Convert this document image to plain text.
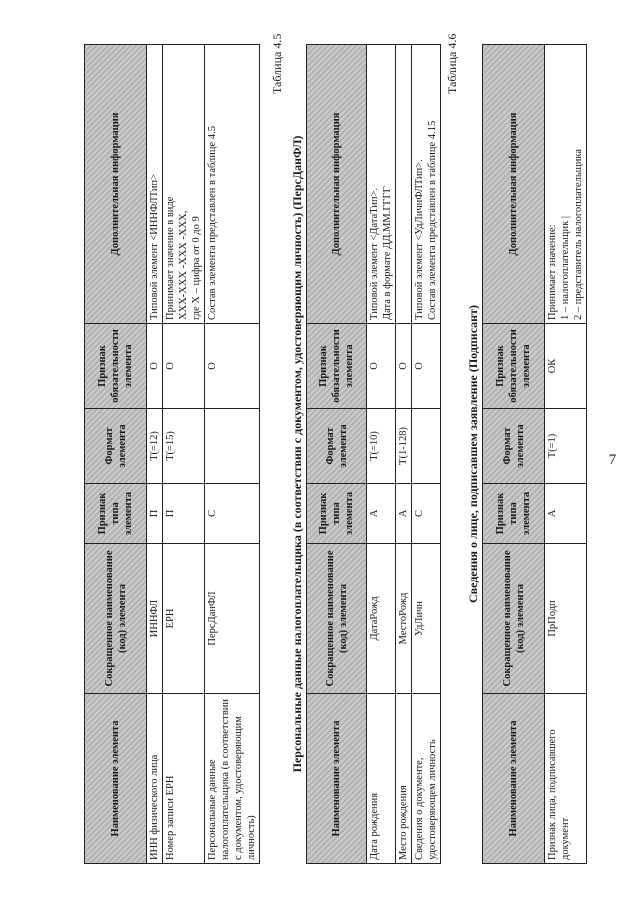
7
Наименование элемента	Сокращенное наименование (код) элемента	Признак типа элемента	Формат элемента	Признак обязательности элемента	Дополнительная информация
ИНН физического лица	ИННФЛ	П	T(=12)	О	Типовой элемент <ИННФЛТип>

Номер записи ЕРН	ЕРН	П	T(=15)	О	Принимает значение в виде XXX-XXX -XXX -XXX, где Х – цифра от 0 до 9

Персональные данные налогоплательщика (в соответствии с документом, удостоверяющим личность)	ПерсДанФЛ	С		О	Состав элемента представлен в таблице 4.5
Таблица 4.5
Персональные данные налогоплательщика (в соответствии с документом, удостоверяющим личность) (ПерсДанФЛ)
Наименование элемента	Сокращенное наименование (код) элемента	Признак типа элемента	Формат элемента	Признак обязательности элемента	Дополнительная информация
Дата рождения	ДатаРожд	А	T(=10)	О	Типовой элемент <ДатаТип>. Дата в формате ДД.ММ.ГГГГ

Место рождения	МестоРожд	А	T(1-128)	О	

Сведения о документе, удостоверяющем личность	УдЛичн	С		О	Типовой элемент <УдЛичнФЛТип>. Состав элемента представлен в таблице 4.15
Таблица 4.6
Сведения о лице, подписавшем заявление (Подписант)
Наименование элемента	Сокращенное наименование (код) элемента	Признак типа элемента	Формат элемента	Признак обязательности элемента	Дополнительная информация
Признак лица, подписавшего документ	ПрПодп	А	T(=1)	ОК	Принимает значение: 1 – налогоплательщик | 2 – представитель налогоплательщика
